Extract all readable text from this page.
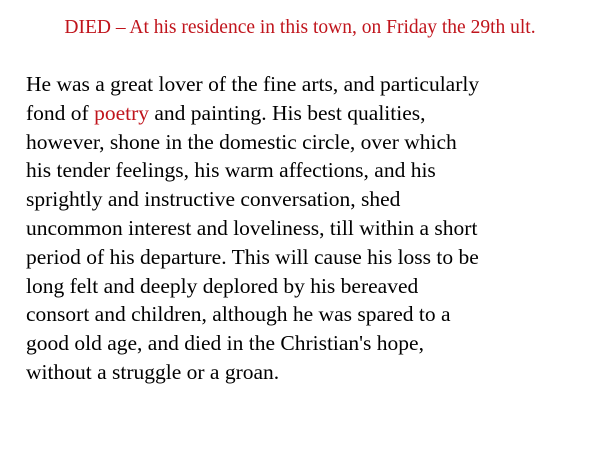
DIED – At his residence in this town, on Friday the 29th ult.
He was a great lover of the fine arts, and particularly
fond of poetry and painting. His best qualities,
however, shone in the domestic circle, over which
his tender feelings, his warm affections, and his
sprightly and instructive conversation, shed
uncommon interest and loveliness, till within a short
period of his departure. This will cause his loss to be
long felt and deeply deplored by his bereaved
consort and children, although he was spared to a
good old age, and died in the Christian's hope,
without a struggle or a groan.
